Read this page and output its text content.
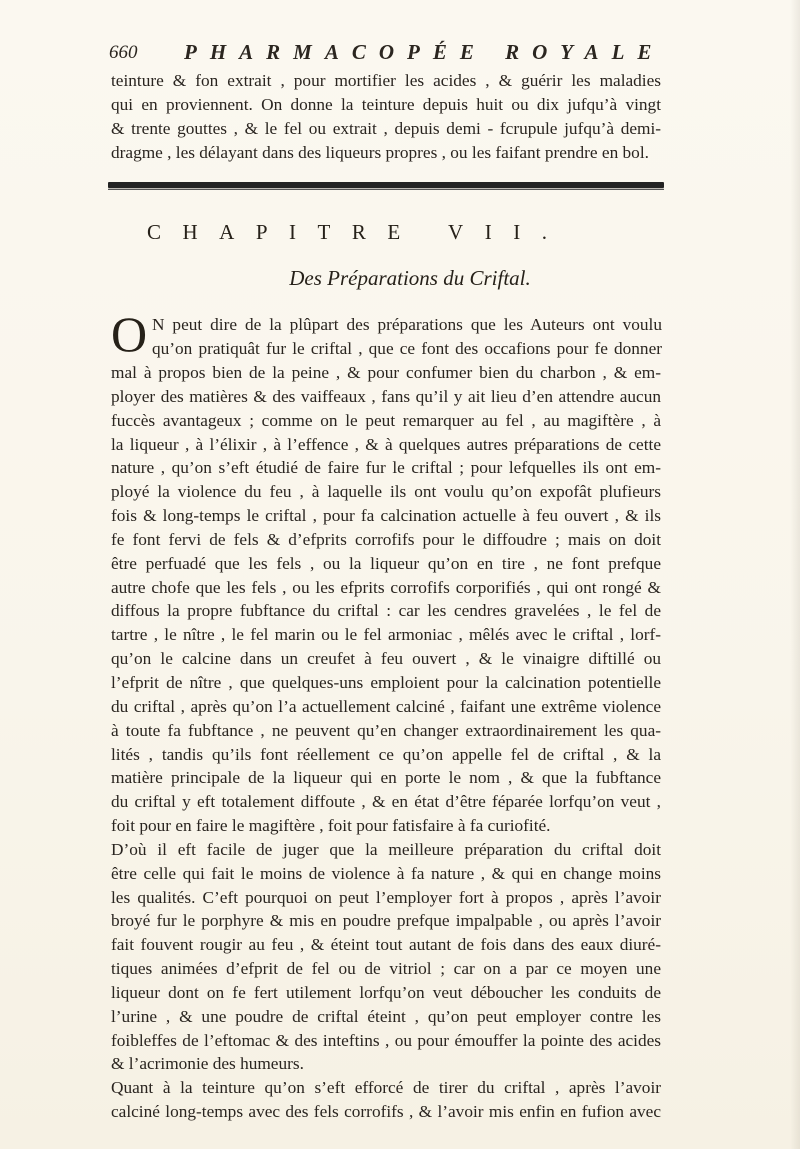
660 PHARMACOPÉE ROYALE
teinture & fon extrait , pour mortifier les acides , & guérir les maladies
qui en proviennent. On donne la teinture depuis huit ou dix jufqu’à vingt
& trente gouttes , & le fel ou extrait , depuis demi - fcrupule jufqu’à demi-
dragme , les délayant dans des liqueurs propres , ou les faifant prendre en bol.
CHAPITRE VII.
Des Préparations du Criftal.
O N peut dire de la plûpart des préparations que les Auteurs ont voulu
qu’on pratiquât fur le criftal , que ce font des occafions pour fe donner
mal à propos bien de la peine , & pour confumer bien du charbon , & em-
ployer des matières & des vaiffeaux , fans qu’il y ait lieu d’en attendre aucun
fuccès avantageux ; comme on le peut remarquer au fel , au magiftère , à
la liqueur , à l’élixir , à l’effence , & à quelques autres préparations de cette
nature , qu’on s’eft étudié de faire fur le criftal ; pour lefquelles ils ont em-
ployé la violence du feu , à laquelle ils ont voulu qu’on expofât plufieurs
fois & long-temps le criftal , pour fa calcination actuelle à feu ouvert , & ils
fe font fervi de fels & d’efprits corrofifs pour le diffoudre ; mais on doit
être perfuadé que les fels , ou la liqueur qu’on en tire , ne font prefque
autre chofe que les fels , ou les efprits corrofifs corporifiés , qui ont rongé &
diffous la propre fubftance du criftal : car les cendres gravelées , le fel de
tartre , le nître , le fel marin ou le fel armoniac , mêlés avec le criftal , lorf-
qu’on le calcine dans un creufet à feu ouvert , & le vinaigre diftillé ou
l’efprit de nître , que quelques-uns emploient pour la calcination potentielle
du criftal , après qu’on l’a actuellement calciné , faifant une extrême violence
à toute fa fubftance , ne peuvent qu’en changer extraordinairement les qua-
lités , tandis qu’ils font réellement ce qu’on appelle fel de criftal , & la
matière principale de la liqueur qui en porte le nom , & que la fubftance
du criftal y eft totalement diffoute , & en état d’être féparée lorfqu’on veut ,
foit pour en faire le magiftère , foit pour fatisfaire à fa curiofité.
D’où il eft facile de juger que la meilleure préparation du criftal doit
être celle qui fait le moins de violence à fa nature , & qui en change moins
les qualités. C’eft pourquoi on peut l’employer fort à propos , après l’avoir
broyé fur le porphyre & mis en poudre prefque impalpable , ou après l’avoir
fait fouvent rougir au feu , & éteint tout autant de fois dans des eaux diuré-
tiques animées d’efprit de fel ou de vitriol ; car on a par ce moyen une
liqueur dont on fe fert utilement lorfqu’on veut déboucher les conduits de
l’urine , & une poudre de criftal éteint , qu’on peut employer contre les
foibleffes de l’eftomac & des inteftins , ou pour émouffer la pointe des acides
& l’acrimonie des humeurs.
Quant à la teinture qu’on s’eft efforcé de tirer du criftal , après l’avoir
calciné long-temps avec des fels corrofifs , & l’avoir mis enfin en fufion avec
